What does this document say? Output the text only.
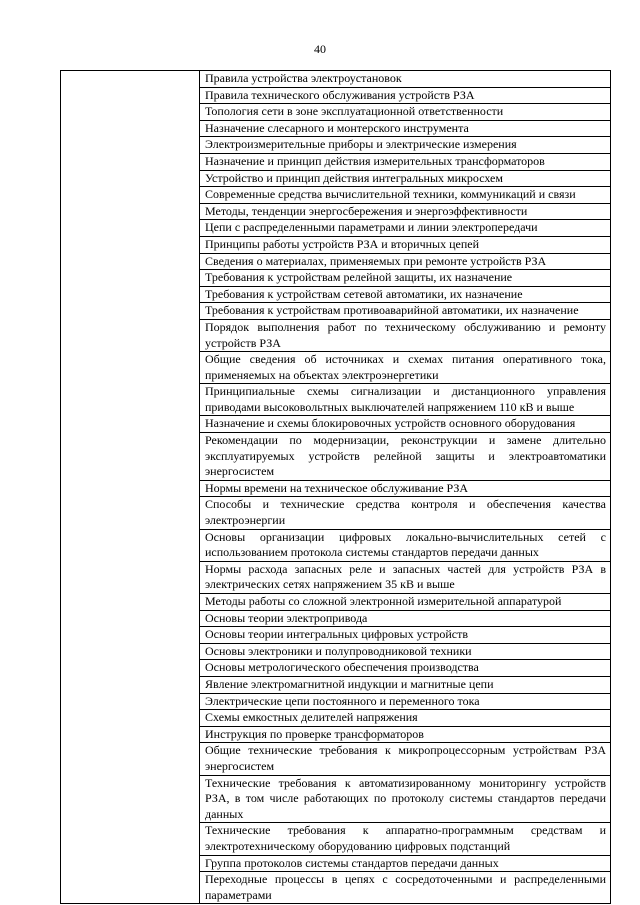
40
	Правила устройства электроустановок
Правила технического обслуживания устройств РЗА
Топология сети в зоне эксплуатационной ответственности
Назначение слесарного и монтерского инструмента
Электроизмерительные приборы и электрические измерения
Назначение и принцип действия измерительных трансформаторов
Устройство и принцип действия интегральных микросхем
Современные средства вычислительной техники, коммуникаций и связи
Методы, тенденции энергосбережения и энергоэффективности
Цепи с распределенными параметрами и линии электропередачи
Принципы работы устройств РЗА и вторичных цепей
Сведения о материалах, применяемых при ремонте устройств РЗА
Требования к устройствам релейной защиты, их назначение
Требования к устройствам сетевой автоматики, их назначение
Требования к устройствам противоаварийной автоматики, их назначение
Порядок выполнения работ по техническому обслуживанию и ремонту устройств РЗА
Общие сведения об источниках и схемах питания оперативного тока, применяемых на объектах электроэнергетики
Принципиальные схемы сигнализации и дистанционного управления приводами высоковольтных выключателей напряжением 110 кВ и выше
Назначение и схемы блокировочных устройств основного оборудования
Рекомендации по модернизации, реконструкции и замене длительно эксплуатируемых устройств релейной защиты и электроавтоматики энергосистем
Нормы времени на техническое обслуживание РЗА
Способы и технические средства контроля и обеспечения качества электроэнергии
Основы организации цифровых локально-вычислительных сетей с использованием протокола системы стандартов передачи данных
Нормы расхода запасных реле и запасных частей для устройств РЗА в электрических сетях напряжением 35 кВ и выше
Методы работы со сложной электронной измерительной аппаратурой
Основы теории электропривода
Основы теории интегральных цифровых устройств
Основы электроники и полупроводниковой техники
Основы метрологического обеспечения производства
Явление электромагнитной индукции и магнитные цепи
Электрические цепи постоянного и переменного тока
Схемы емкостных делителей напряжения
Инструкция по проверке трансформаторов
Общие технические требования к микропроцессорным устройствам РЗА энергосистем
Технические требования к автоматизированному мониторингу устройств РЗА, в том числе работающих по протоколу системы стандартов передачи данных
Технические требования к аппаратно-программным средствам и электротехническому оборудованию цифровых подстанций
Группа протоколов системы стандартов передачи данных
Переходные процессы в цепях с сосредоточенными и распределенными параметрами
